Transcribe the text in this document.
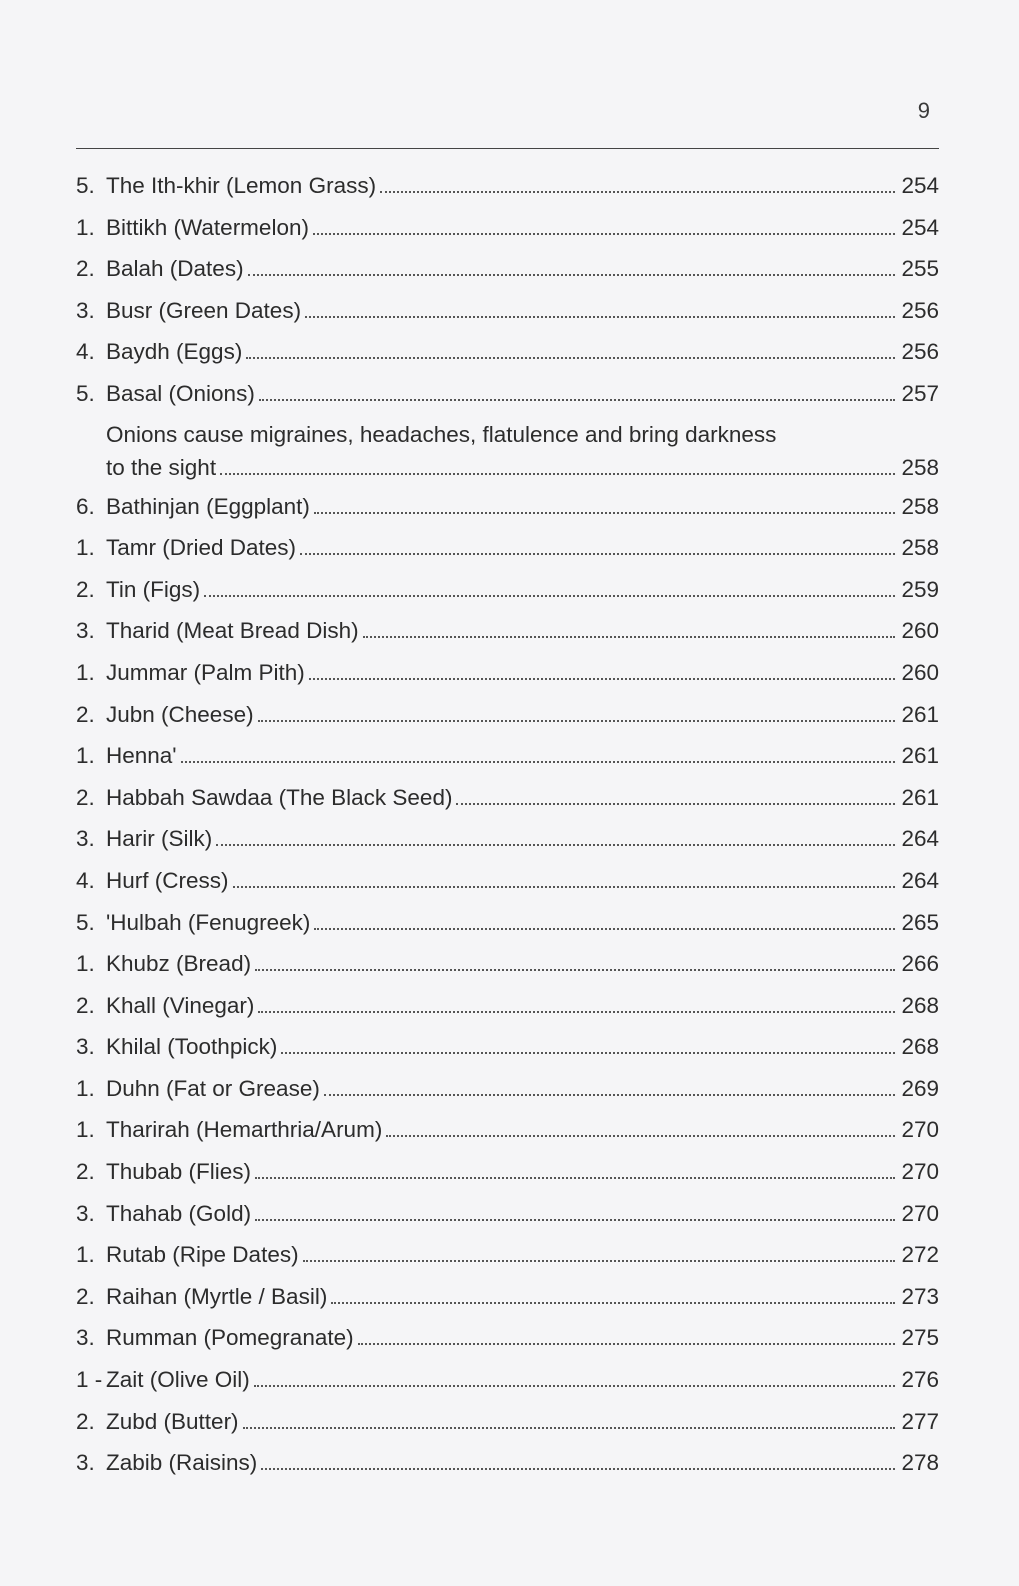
9
5. The Ith-khir (Lemon Grass)	254
1. Bittikh (Watermelon)	254
2. Balah (Dates)	255
3. Busr (Green Dates)	256
4. Baydh (Eggs)	256
5. Basal (Onions)	257
Onions cause migraines, headaches, flatulence and bring darkness
to the sight	258
6. Bathinjan (Eggplant)	258
1. Tamr (Dried Dates)	258
2. Tin (Figs)	259
3. Tharid (Meat Bread Dish)	260
1. Jummar (Palm Pith)	260
2. Jubn (Cheese)	261
1. Henna'	261
2. Habbah Sawdaa (The Black Seed)	261
3. Harir (Silk)	264
4. Hurf (Cress)	264
5. 'Hulbah (Fenugreek)	265
1. Khubz (Bread)	266
2. Khall (Vinegar)	268
3. Khilal (Toothpick)	268
1. Duhn (Fat or Grease)	269
1. Tharirah (Hemarthria/Arum)	270
2. Thubab (Flies)	270
3. Thahab (Gold)	270
1. Rutab (Ripe Dates)	272
2. Raihan (Myrtle / Basil)	273
3. Rumman (Pomegranate)	275
1 - Zait (Olive Oil)	276
2. Zubd (Butter)	277
3. Zabib (Raisins)	278
